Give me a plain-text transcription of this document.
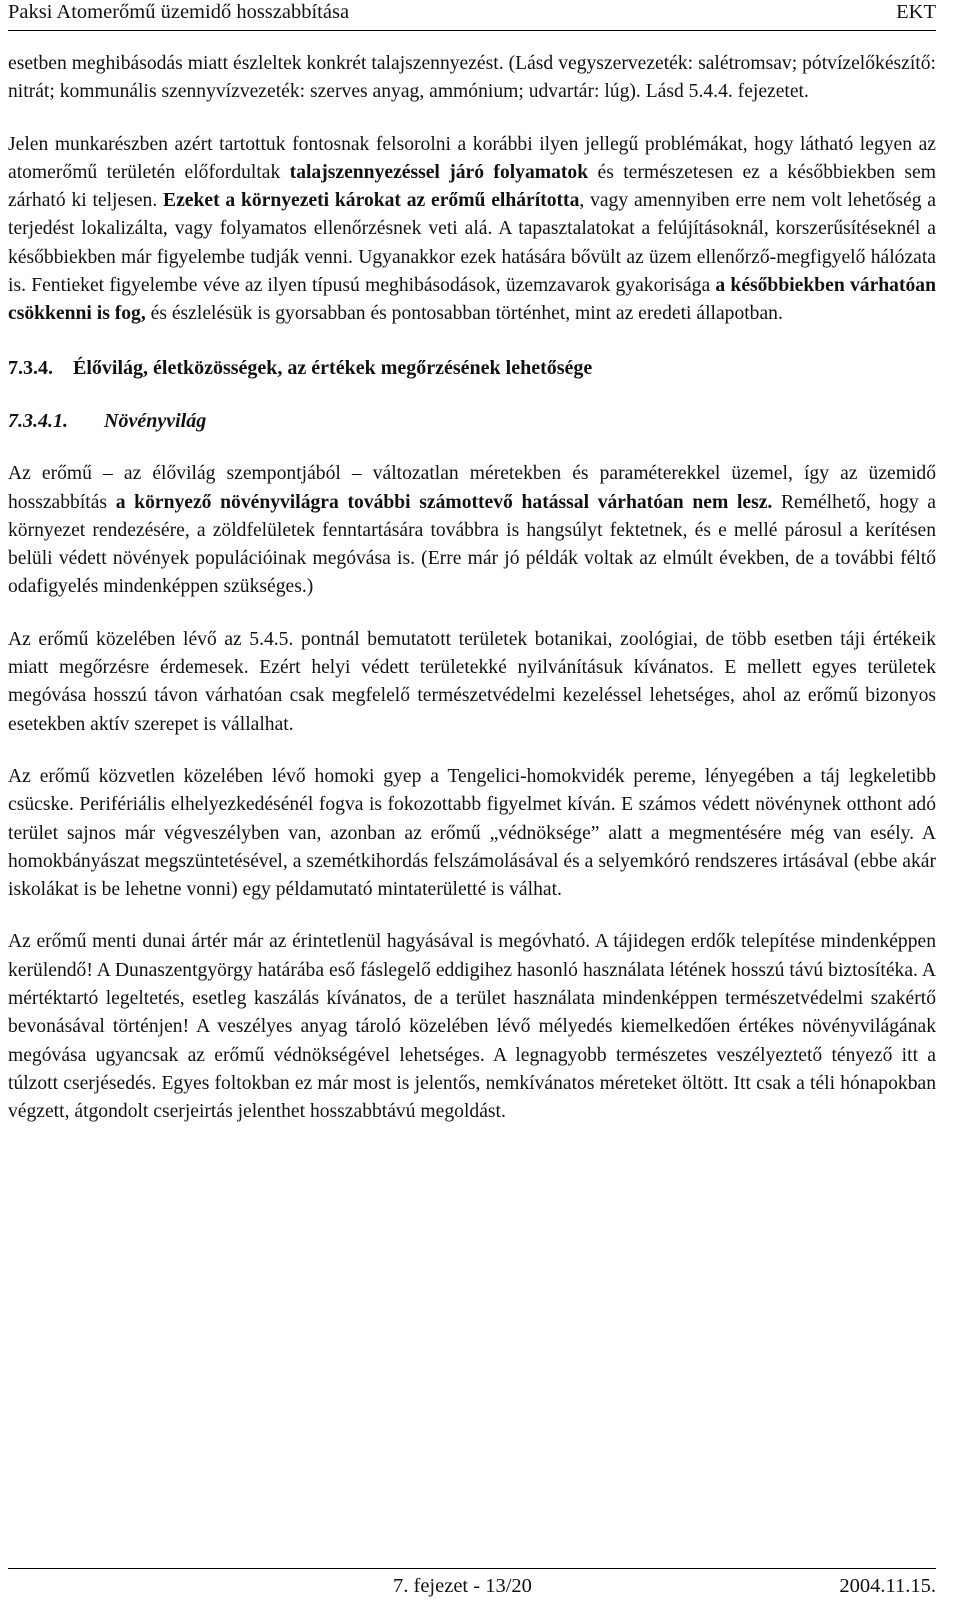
Paksi Atomerőmű üzemidő hosszabbítása	EKT

esetben meghibásodás miatt észleltek konkrét talajszennyezést. (Lásd vegyszervezeték: salétromsav; pótvízelőkészítő: nitrát; kommunális szennyvízvezeték: szerves anyag, ammónium; udvartár: lúg). Lásd 5.4.4. fejezetet.

Jelen munkarészben azért tartottuk fontosnak felsorolni a korábbi ilyen jellegű problémákat, hogy látható legyen az atomerőmű területén előfordultak talajszennyezéssel járó folyamatok és természetesen ez a későbbiekben sem zárható ki teljesen. Ezeket a környezeti károkat az erőmű elhárította, vagy amennyiben erre nem volt lehetőség a terjedést lokalizálta, vagy folyamatos ellenőrzésnek veti alá. A tapasztalatokat a felújításoknál, korszerűsítéseknél a későbbiekben már figyelembe tudják venni. Ugyanakkor ezek hatására bővült az üzem ellenőrző-megfigyelő hálózata is. Fentieket figyelembe véve az ilyen típusú meghibásodások, üzemzavarok gyakorisága a későbbiekben várhatóan csökkenni is fog, és észlelésük is gyorsabban és pontosabban történhet, mint az eredeti állapotban.

7.3.4. Élővilág, életközösségek, az értékek megőrzésének lehetősége

7.3.4.1. Növényvilág

Az erőmű – az élővilág szempontjából – változatlan méretekben és paraméterekkel üzemel, így az üzemidő hosszabbítás a környező növényvilágra további számottevő hatással várhatóan nem lesz. Remélhető, hogy a környezet rendezésére, a zöldfelületek fenntartására továbbra is hangsúlyt fektetnek, és e mellé párosul a kerítésen belüli védett növények populációinak megóvása is. (Erre már jó példák voltak az elmúlt években, de a további féltő odafigyelés mindenképpen szükséges.)

Az erőmű közelében lévő az 5.4.5. pontnál bemutatott területek botanikai, zoológiai, de több esetben táji értékeik miatt megőrzésre érdemesek. Ezért helyi védett területekké nyilvánításuk kívánatos. E mellett egyes területek megóvása hosszú távon várhatóan csak megfelelő természetvédelmi kezeléssel lehetséges, ahol az erőmű bizonyos esetekben aktív szerepet is vállalhat.

Az erőmű közvetlen közelében lévő homoki gyep a Tengelici-homokvidék pereme, lényegében a táj legkeletibb csücske. Perifériális elhelyezkedésénél fogva is fokozottabb figyelmet kíván. E számos védett növénynek otthont adó terület sajnos már végveszélyben van, azonban az erőmű „védnöksége” alatt a megmentésére még van esély. A homokbányászat megszüntetésével, a szemétkihordás felszámolásával és a selyemkóró rendszeres irtásával (ebbe akár iskolákat is be lehetne vonni) egy példamutató mintaterületté is válhat.

Az erőmű menti dunai ártér már az érintetlenül hagyásával is megóvható. A tájidegen erdők telepítése mindenképpen kerülendő! A Dunaszentgyörgy határába eső fáslegelő eddigihez hasonló használata létének hosszú távú biztosítéka. A mértéktartó legeltetés, esetleg kaszálás kívánatos, de a terület használata mindenképpen természetvédelmi szakértő bevonásával történjen! A veszélyes anyag tároló közelében lévő mélyedés kiemelkedően értékes növényvilágának megóvása ugyancsak az erőmű védnökségével lehetséges. A legnagyobb természetes veszélyeztető tényező itt a túlzott cserjésedés. Egyes foltokban ez már most is jelentős, nemkívánatos méreteket öltött. Itt csak a téli hónapokban végzett, átgondolt cserjeirtás jelenthet hosszabbtávú megoldást.

7. fejezet - 13/20	2004.11.15.
